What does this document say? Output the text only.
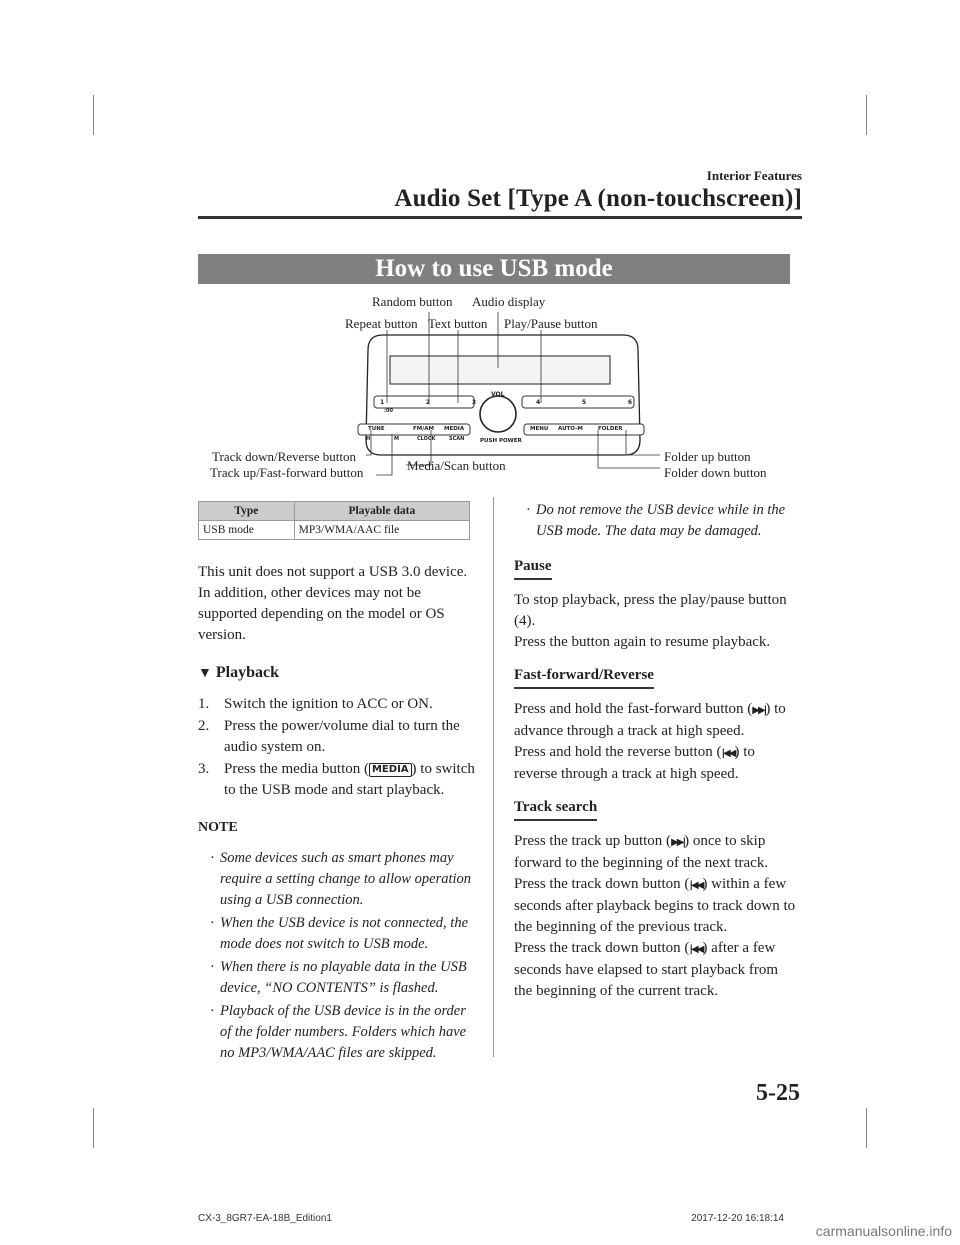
Interior Features
Audio Set [Type A (non-touchscreen)]
How to use USB mode
1	2	3	4	5	6
:00
VOL
PUSH POWER
TUNE	FM/AM MEDIA
H	M	CLOCK	SCAN
MENU AUTO-M	FOLDER
Random button Audio display
Repeat button Text button Play/Pause button
Track down/Reverse button
Track up/Fast-forward button	Media/Scan button
Folder up button
Folder down button
Type	Playable data
USB mode	MP3/WMA/AAC file

This unit does not support a USB 3.0 device. In addition, other devices may not be supported depending on the model or OS version.

▼ Playback
1. Switch the ignition to ACC or ON.
2. Press the power/volume dial to turn the audio system on.
3. Press the media button ( MEDIA ) to switch to the USB mode and start playback.
NOTE
· Some devices such as smart phones may require a setting change to allow operation using a USB connection.
· When the USB device is not connected, the mode does not switch to USB mode.
· When there is no playable data in the USB device, “NO CONTENTS” is flashed.
· Playback of the USB device is in the order of the folder numbers. Folders which have no MP3/WMA/AAC files are skipped.
· Do not remove the USB device while in the USB mode. The data may be damaged.
Pause

To stop playback, press the play/pause button (4).

Press the button again to resume playback.

Fast-forward/Reverse

Press and hold the fast-forward button (▶▶|) to advance through a track at high speed.

Press and hold the reverse button (|◀◀) to reverse through a track at high speed.

Track search

Press the track up button (▶▶|) once to skip forward to the beginning of the next track.

Press the track down button (|◀◀) within a few seconds after playback begins to track down to the beginning of the previous track.

Press the track down button (|◀◀) after a few seconds have elapsed to start playback from the beginning of the current track.

5-25
CX-3_8GR7-EA-18B_Edition1	2017-12-20 16:18:14
carmanualsonline.info
